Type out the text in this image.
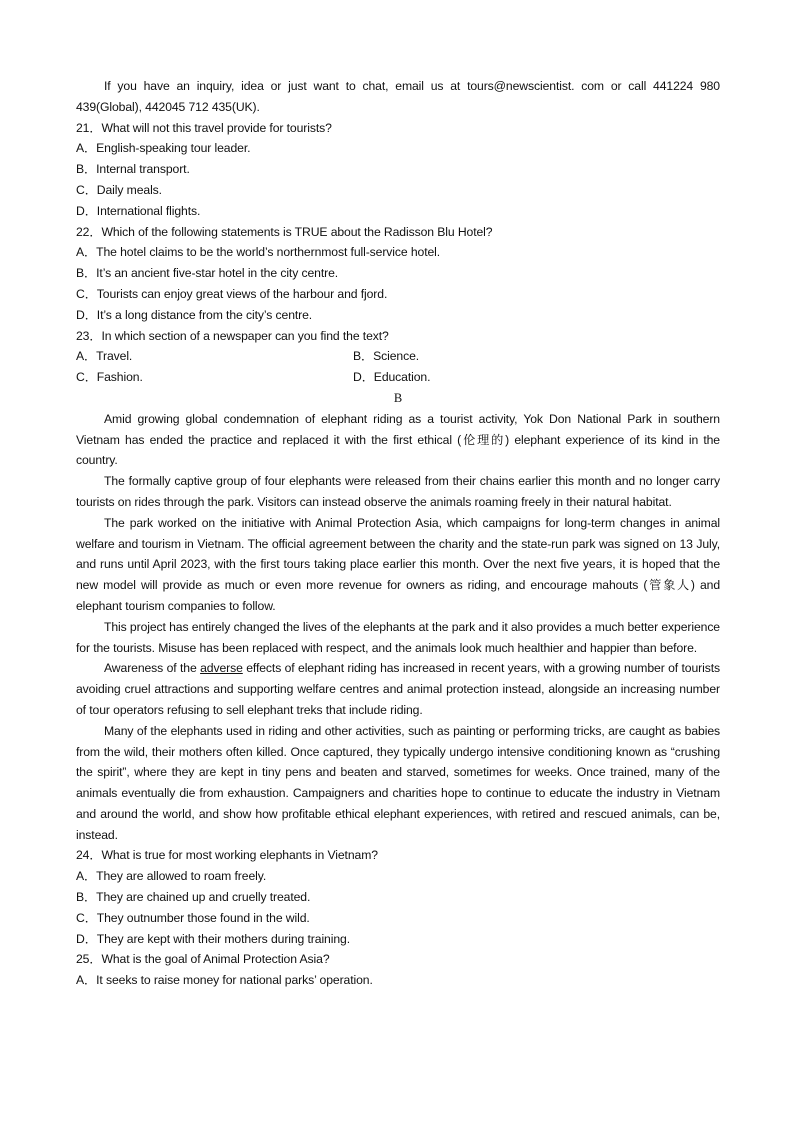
If you have an inquiry, idea or just want to chat, email us at tours@newscientist. com or call 441224 980 439(Global), 442045 712 435(UK).

21．What will not this travel provide for tourists?

A．English-speaking tour leader.

B．Internal transport.

C．Daily meals.

D．International flights.

22．Which of the following statements is TRUE about the Radisson Blu Hotel?

A．The hotel claims to be the world’s northernmost full-service hotel.

B．It’s an ancient five-star hotel in the city centre.

C．Tourists can enjoy great views of the harbour and fjord.

D．It’s a long distance from the city’s centre.

23．In which section of a newspaper can you find the text?

A．Travel.	B．Science.
C．Fashion.	D．Education.

B

Amid growing global condemnation of elephant riding as a tourist activity, Yok Don National Park in southern Vietnam has ended the practice and replaced it with the first ethical (伦理的) elephant experience of its kind in the country.

The formally captive group of four elephants were released from their chains earlier this month and no longer carry tourists on rides through the park. Visitors can instead observe the animals roaming freely in their natural habitat.

The park worked on the initiative with Animal Protection Asia, which campaigns for long-term changes in animal welfare and tourism in Vietnam. The official agreement between the charity and the state-run park was signed on 13 July, and runs until April 2023, with the first tours taking place earlier this month. Over the next five years, it is hoped that the new model will provide as much or even more revenue for owners as riding, and encourage mahouts (管象人) and elephant tourism companies to follow.

This project has entirely changed the lives of the elephants at the park and it also provides a much better experience for the tourists. Misuse has been replaced with respect, and the animals look much healthier and happier than before.

Awareness of the adverse effects of elephant riding has increased in recent years, with a growing number of tourists avoiding cruel attractions and supporting welfare centres and animal protection instead, alongside an increasing number of tour operators refusing to sell elephant treks that include riding.

Many of the elephants used in riding and other activities, such as painting or performing tricks, are caught as babies from the wild, their mothers often killed. Once captured, they typically undergo intensive conditioning known as “crushing the spirit”, where they are kept in tiny pens and beaten and starved, sometimes for weeks. Once trained, many of the animals eventually die from exhaustion. Campaigners and charities hope to continue to educate the industry in Vietnam and around the world, and show how profitable ethical elephant experiences, with retired and rescued animals, can be, instead.

24．What is true for most working elephants in Vietnam?

A．They are allowed to roam freely.

B．They are chained up and cruelly treated.

C．They outnumber those found in the wild.

D．They are kept with their mothers during training.

25．What is the goal of Animal Protection Asia?

A．It seeks to raise money for national parks’ operation.
